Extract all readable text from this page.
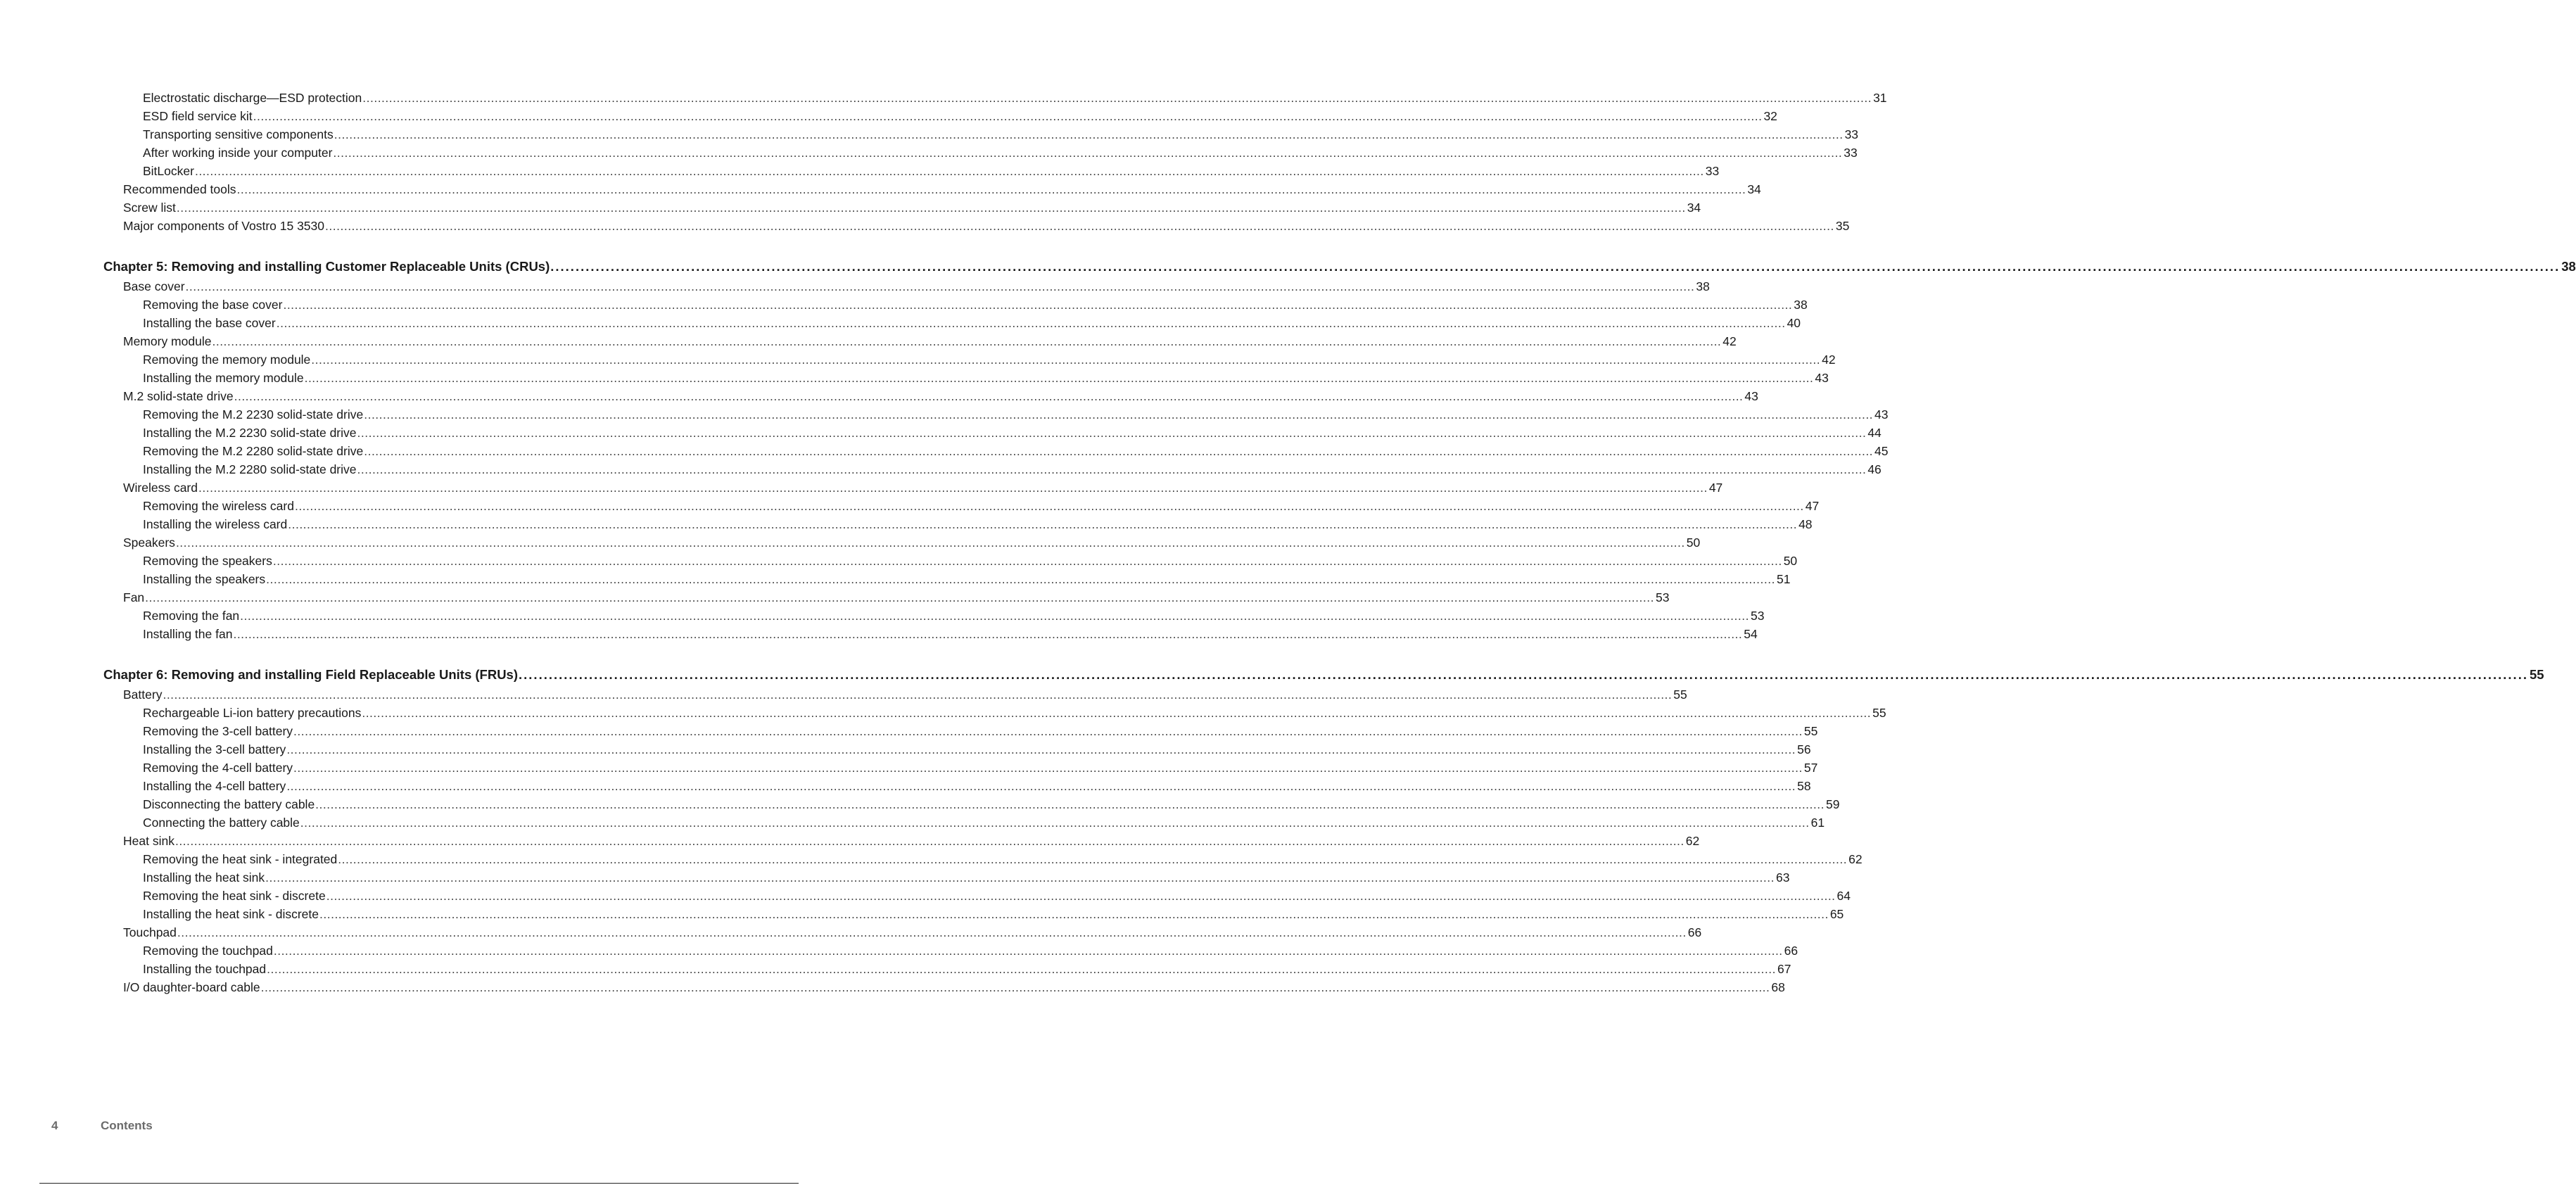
Electrostatic discharge—ESD protection ................................................................................................................................................................................................................................................................................................................................................................................................................ 31
ESD field service kit ................................................................................................................................................................................................................................................................................................................................................................................................................ 32
Transporting sensitive components ................................................................................................................................................................................................................................................................................................................................................................................................................ 33
After working inside your computer ................................................................................................................................................................................................................................................................................................................................................................................................................ 33
BitLocker ................................................................................................................................................................................................................................................................................................................................................................................................................ 33
Recommended tools ................................................................................................................................................................................................................................................................................................................................................................................................................ 34
Screw list ................................................................................................................................................................................................................................................................................................................................................................................................................ 34
Major components of Vostro 15 3530 ................................................................................................................................................................................................................................................................................................................................................................................................................ 35
Chapter 5: Removing and installing Customer Replaceable Units (CRUs) ................................................................................................................................................................................................................................................................................................................................................................................................................ 38
Base cover ................................................................................................................................................................................................................................................................................................................................................................................................................ 38
Removing the base cover ................................................................................................................................................................................................................................................................................................................................................................................................................ 38
Installing the base cover ................................................................................................................................................................................................................................................................................................................................................................................................................ 40
Memory module ................................................................................................................................................................................................................................................................................................................................................................................................................ 42
Removing the memory module ................................................................................................................................................................................................................................................................................................................................................................................................................ 42
Installing the memory module ................................................................................................................................................................................................................................................................................................................................................................................................................ 43
M.2 solid-state drive ................................................................................................................................................................................................................................................................................................................................................................................................................ 43
Removing the M.2 2230 solid-state drive ................................................................................................................................................................................................................................................................................................................................................................................................................ 43
Installing the M.2 2230 solid-state drive ................................................................................................................................................................................................................................................................................................................................................................................................................ 44
Removing the M.2 2280 solid-state drive ................................................................................................................................................................................................................................................................................................................................................................................................................ 45
Installing the M.2 2280 solid-state drive ................................................................................................................................................................................................................................................................................................................................................................................................................ 46
Wireless card ................................................................................................................................................................................................................................................................................................................................................................................................................ 47
Removing the wireless card ................................................................................................................................................................................................................................................................................................................................................................................................................ 47
Installing the wireless card ................................................................................................................................................................................................................................................................................................................................................................................................................ 48
Speakers ................................................................................................................................................................................................................................................................................................................................................................................................................ 50
Removing the speakers ................................................................................................................................................................................................................................................................................................................................................................................................................ 50
Installing the speakers ................................................................................................................................................................................................................................................................................................................................................................................................................ 51
Fan ................................................................................................................................................................................................................................................................................................................................................................................................................ 53
Removing the fan ................................................................................................................................................................................................................................................................................................................................................................................................................ 53
Installing the fan ................................................................................................................................................................................................................................................................................................................................................................................................................ 54
Chapter 6: Removing and installing Field Replaceable Units (FRUs) ................................................................................................................................................................................................................................................................................................................................................................................................................ 55
Battery ................................................................................................................................................................................................................................................................................................................................................................................................................ 55
Rechargeable Li-ion battery precautions ................................................................................................................................................................................................................................................................................................................................................................................................................ 55
Removing the 3-cell battery ................................................................................................................................................................................................................................................................................................................................................................................................................ 55
Installing the 3-cell battery ................................................................................................................................................................................................................................................................................................................................................................................................................ 56
Removing the 4-cell battery ................................................................................................................................................................................................................................................................................................................................................................................................................ 57
Installing the 4-cell battery ................................................................................................................................................................................................................................................................................................................................................................................................................ 58
Disconnecting the battery cable ................................................................................................................................................................................................................................................................................................................................................................................................................ 59
Connecting the battery cable ................................................................................................................................................................................................................................................................................................................................................................................................................ 61
Heat sink ................................................................................................................................................................................................................................................................................................................................................................................................................ 62
Removing the heat sink - integrated ................................................................................................................................................................................................................................................................................................................................................................................................................ 62
Installing the heat sink ................................................................................................................................................................................................................................................................................................................................................................................................................ 63
Removing the heat sink - discrete ................................................................................................................................................................................................................................................................................................................................................................................................................ 64
Installing the heat sink - discrete ................................................................................................................................................................................................................................................................................................................................................................................................................ 65
Touchpad ................................................................................................................................................................................................................................................................................................................................................................................................................ 66
Removing the touchpad ................................................................................................................................................................................................................................................................................................................................................................................................................ 66
Installing the touchpad ................................................................................................................................................................................................................................................................................................................................................................................................................ 67
I/O daughter-board cable ................................................................................................................................................................................................................................................................................................................................................................................................................ 68
4	Contents
